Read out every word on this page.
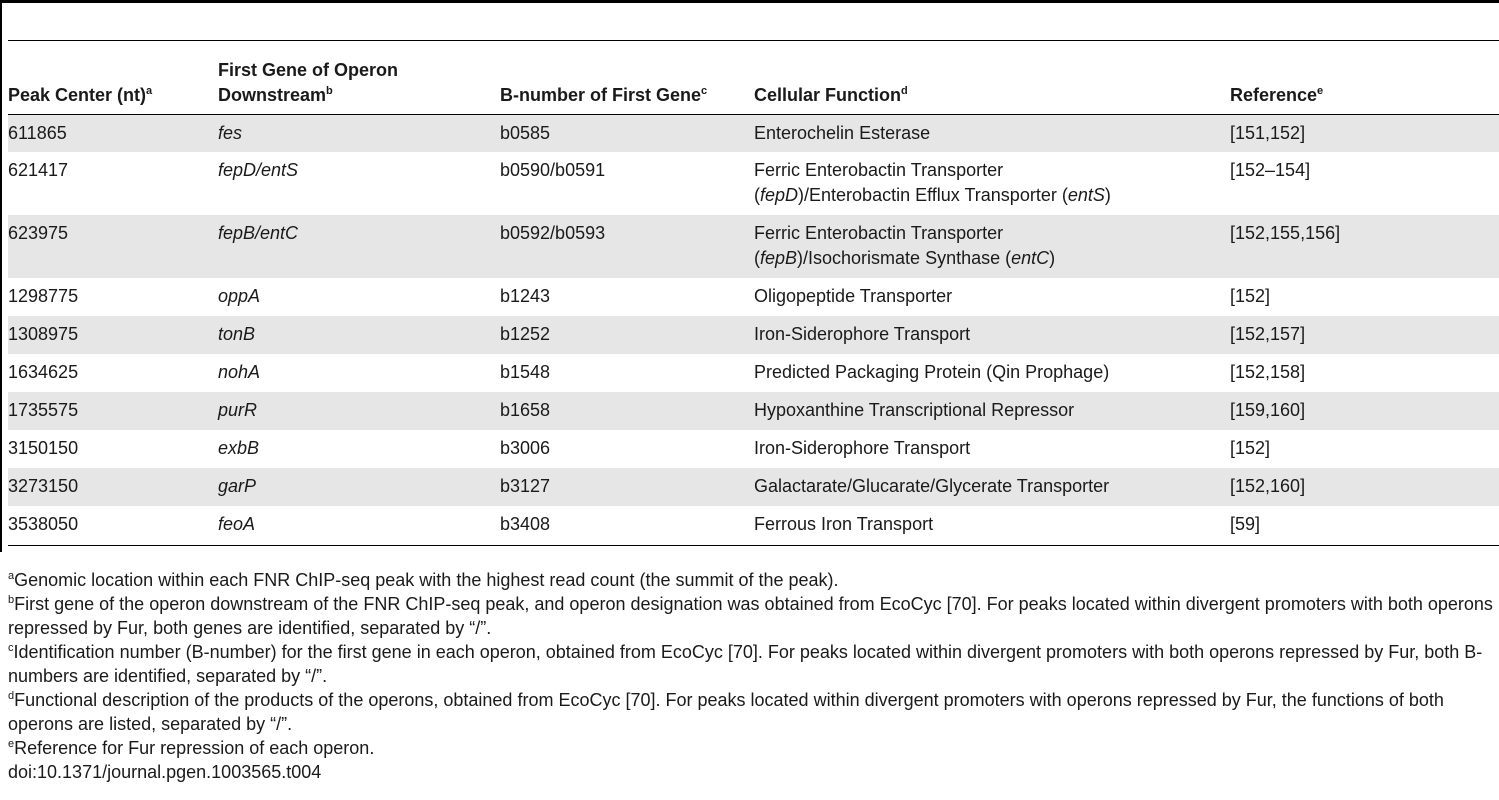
Peak Center (nt)$^a$	First Gene of Operon Downstream$^b$	B-number of First Gene$^c$	Cellular Function$^d$	Reference$^e$
611865	fes	b0585	Enterochelin Esterase	[151,152]
621417	fepD/entS	b0590/b0591	Ferric Enterobactin Transporter
(fepD)/Enterobactin Efflux Transporter (entS)	[152–154]
623975	fepB/entC	b0592/b0593	Ferric Enterobactin Transporter
(fepB)/Isochorismate Synthase (entC)	[152,155,156]
1298775	oppA	b1243	Oligopeptide Transporter	[152]
1308975	tonB	b1252	Iron-Siderophore Transport	[152,157]
1634625	nohA	b1548	Predicted Packaging Protein (Qin Prophage)	[152,158]
1735575	purR	b1658	Hypoxanthine Transcriptional Repressor	[159,160]
3150150	exbB	b3006	Iron-Siderophore Transport	[152]
3273150	garP	b3127	Galactarate/Glucarate/Glycerate Transporter	[152,160]
3538050	feoA	b3408	Ferrous Iron Transport	[59]

$^a$Genomic location within each FNR ChIP-seq peak with the highest read count (the summit of the peak).

$^b$First gene of the operon downstream of the FNR ChIP-seq peak, and operon designation was obtained from EcoCyc [70]. For peaks located within divergent promoters with both operons repressed by Fur, both genes are identified, separated by “/”.

$^c$Identification number (B-number) for the first gene in each operon, obtained from EcoCyc [70]. For peaks located within divergent promoters with both operons repressed by Fur, both B-numbers are identified, separated by “/”.

$^d$Functional description of the products of the operons, obtained from EcoCyc [70]. For peaks located within divergent promoters with operons repressed by Fur, the functions of both operons are listed, separated by “/”.

$^e$Reference for Fur repression of each operon.

doi:10.1371/journal.pgen.1003565.t004
